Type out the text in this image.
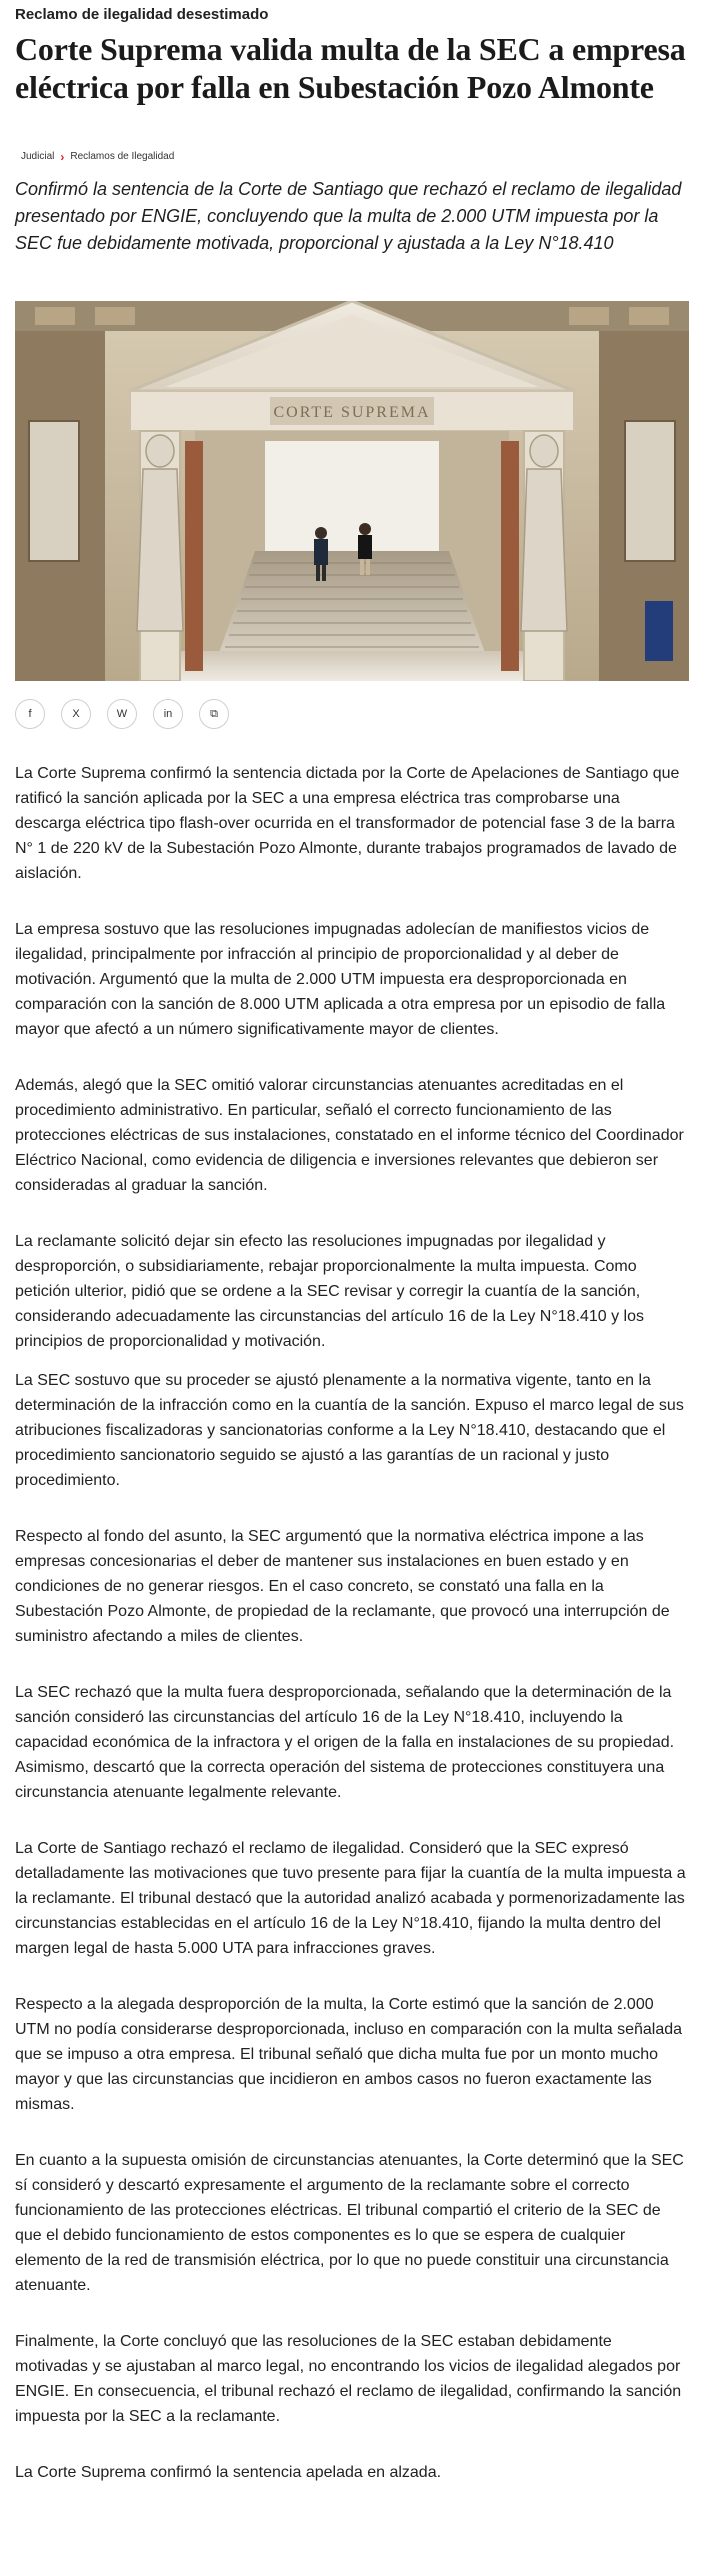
Reclamo de ilegalidad desestimado
Corte Suprema valida multa de la SEC a empresa eléctrica por falla en Subestación Pozo Almonte
Judicial › Reclamos de Ilegalidad

Confirmó la sentencia de la Corte de Santiago que rechazó el reclamo de ilegalidad presentado por ENGIE, concluyendo que la multa de 2.000 UTM impuesta por la SEC fue debidamente motivada, proporcional y ajustada a la Ley N°18.410

CORTE SUPREMA
f	X	W	in	⧉

La Corte Suprema confirmó la sentencia dictada por la Corte de Apelaciones de Santiago que ratificó la sanción aplicada por la SEC a una empresa eléctrica tras comprobarse una descarga eléctrica tipo flash-over ocurrida en el transformador de potencial fase 3 de la barra N° 1 de 220 kV de la Subestación Pozo Almonte, durante trabajos programados de lavado de aislación.

La empresa sostuvo que las resoluciones impugnadas adolecían de manifiestos vicios de ilegalidad, principalmente por infracción al principio de proporcionalidad y al deber de motivación. Argumentó que la multa de 2.000 UTM impuesta era desproporcionada en comparación con la sanción de 8.000 UTM aplicada a otra empresa por un episodio de falla mayor que afectó a un número significativamente mayor de clientes.

Además, alegó que la SEC omitió valorar circunstancias atenuantes acreditadas en el procedimiento administrativo. En particular, señaló el correcto funcionamiento de las protecciones eléctricas de sus instalaciones, constatado en el informe técnico del Coordinador Eléctrico Nacional, como evidencia de diligencia e inversiones relevantes que debieron ser consideradas al graduar la sanción.

La reclamante solicitó dejar sin efecto las resoluciones impugnadas por ilegalidad y desproporción, o subsidiariamente, rebajar proporcionalmente la multa impuesta. Como petición ulterior, pidió que se ordene a la SEC revisar y corregir la cuantía de la sanción, considerando adecuadamente las circunstancias del artículo 16 de la Ley N°18.410 y los principios de proporcionalidad y motivación.

La SEC sostuvo que su proceder se ajustó plenamente a la normativa vigente, tanto en la determinación de la infracción como en la cuantía de la sanción. Expuso el marco legal de sus atribuciones fiscalizadoras y sancionatorias conforme a la Ley N°18.410, destacando que el procedimiento sancionatorio seguido se ajustó a las garantías de un racional y justo procedimiento.

Respecto al fondo del asunto, la SEC argumentó que la normativa eléctrica impone a las empresas concesionarias el deber de mantener sus instalaciones en buen estado y en condiciones de no generar riesgos. En el caso concreto, se constató una falla en la Subestación Pozo Almonte, de propiedad de la reclamante, que provocó una interrupción de suministro afectando a miles de clientes.

La SEC rechazó que la multa fuera desproporcionada, señalando que la determinación de la sanción consideró las circunstancias del artículo 16 de la Ley N°18.410, incluyendo la capacidad económica de la infractora y el origen de la falla en instalaciones de su propiedad. Asimismo, descartó que la correcta operación del sistema de protecciones constituyera una circunstancia atenuante legalmente relevante.

La Corte de Santiago rechazó el reclamo de ilegalidad. Consideró que la SEC expresó detalladamente las motivaciones que tuvo presente para fijar la cuantía de la multa impuesta a la reclamante. El tribunal destacó que la autoridad analizó acabada y pormenorizadamente las circunstancias establecidas en el artículo 16 de la Ley N°18.410, fijando la multa dentro del margen legal de hasta 5.000 UTA para infracciones graves.

Respecto a la alegada desproporción de la multa, la Corte estimó que la sanción de 2.000 UTM no podía considerarse desproporcionada, incluso en comparación con la multa señalada que se impuso a otra empresa. El tribunal señaló que dicha multa fue por un monto mucho mayor y que las circunstancias que incidieron en ambos casos no fueron exactamente las mismas.

En cuanto a la supuesta omisión de circunstancias atenuantes, la Corte determinó que la SEC sí consideró y descartó expresamente el argumento de la reclamante sobre el correcto funcionamiento de las protecciones eléctricas. El tribunal compartió el criterio de la SEC de que el debido funcionamiento de estos componentes es lo que se espera de cualquier elemento de la red de transmisión eléctrica, por lo que no puede constituir una circunstancia atenuante.

Finalmente, la Corte concluyó que las resoluciones de la SEC estaban debidamente motivadas y se ajustaban al marco legal, no encontrando los vicios de ilegalidad alegados por ENGIE. En consecuencia, el tribunal rechazó el reclamo de ilegalidad, confirmando la sanción impuesta por la SEC a la reclamante.

La Corte Suprema confirmó la sentencia apelada en alzada.
